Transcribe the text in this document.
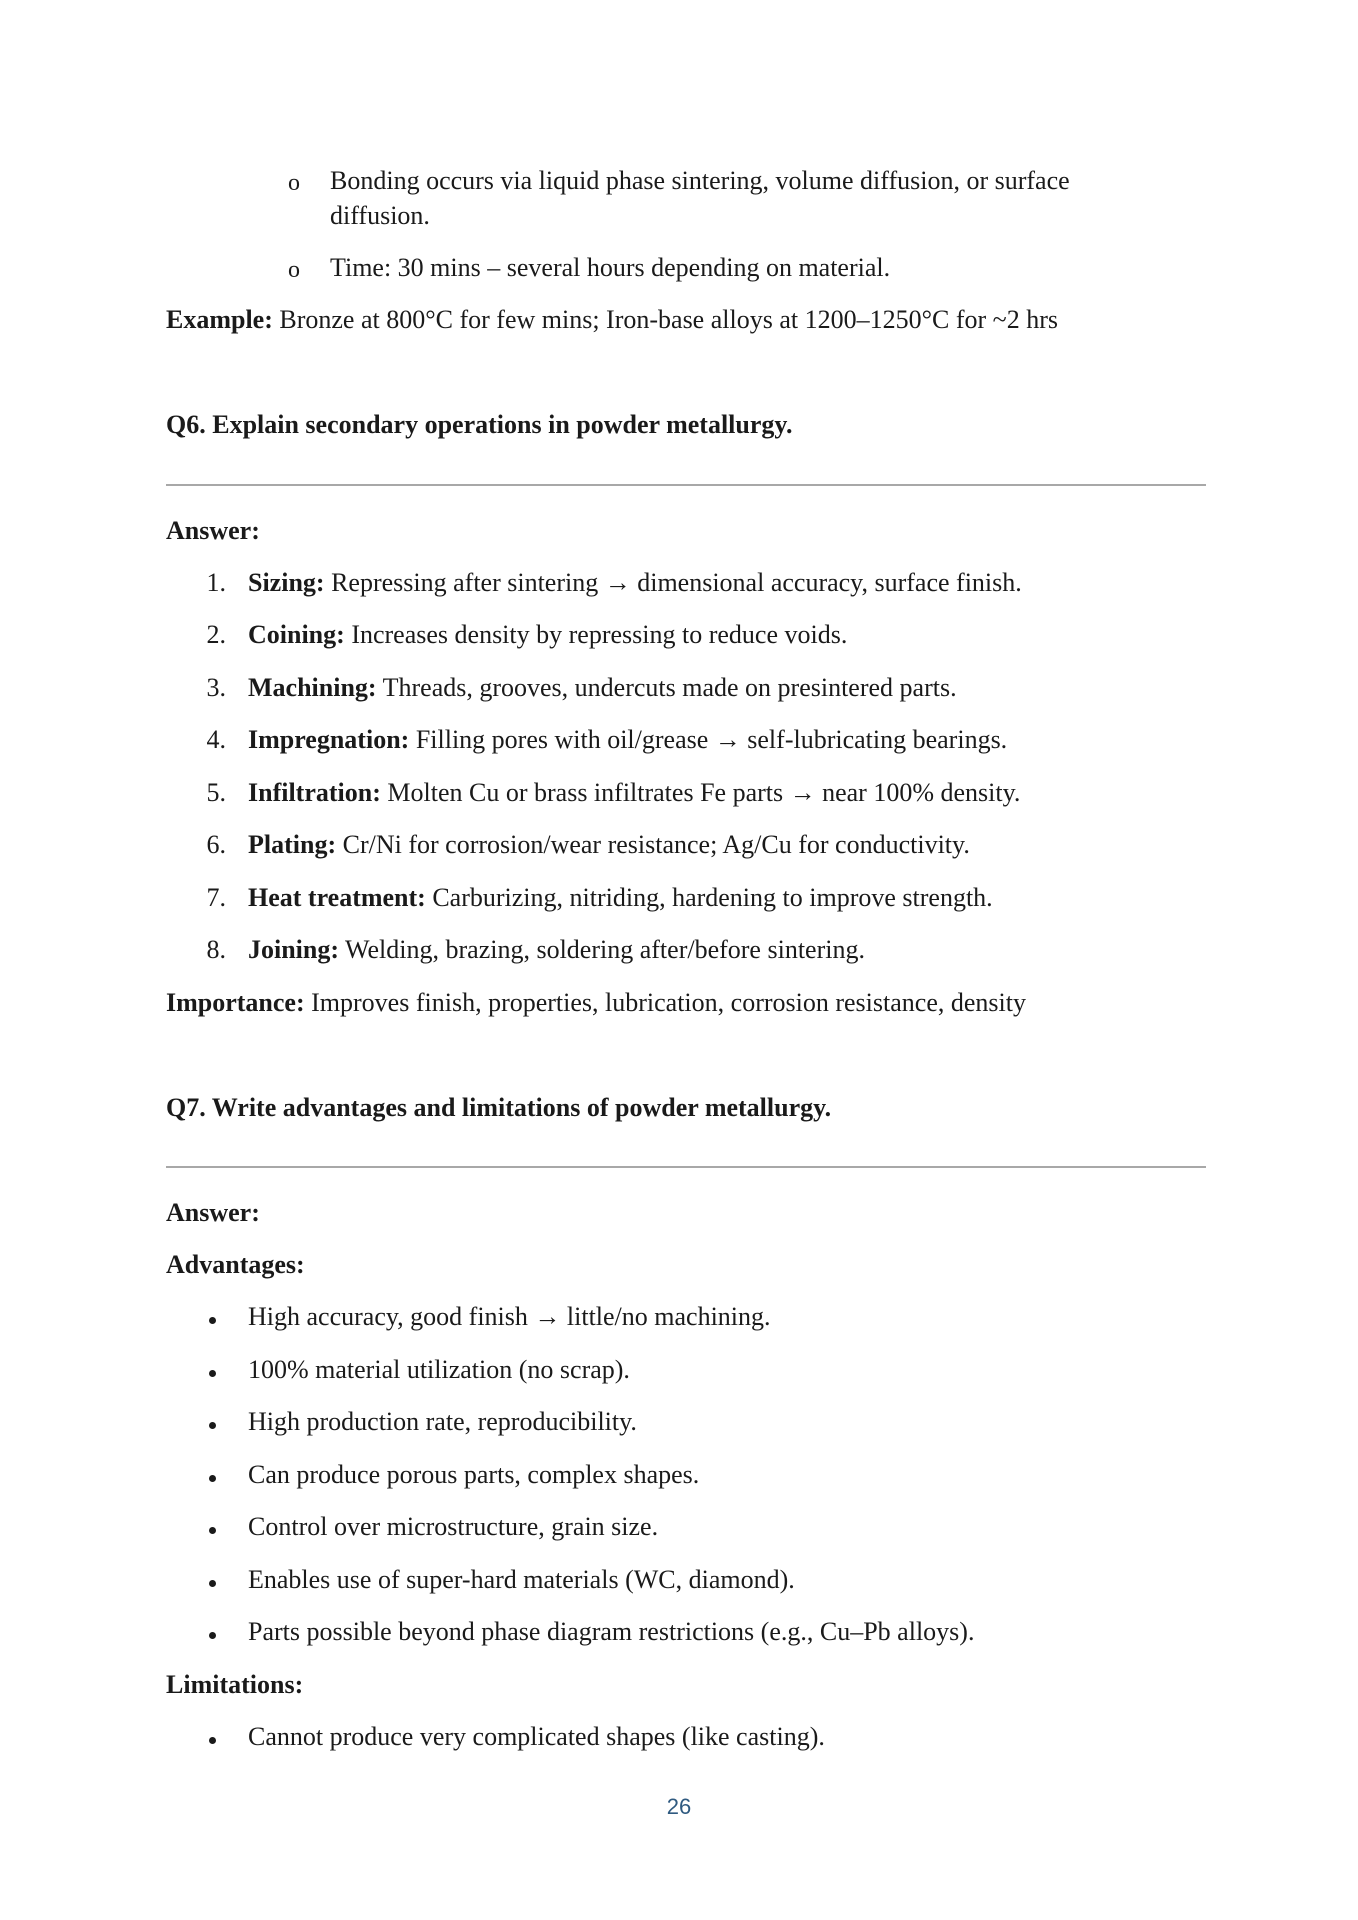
o Bonding occurs via liquid phase sintering, volume diffusion, or surface
diffusion.
o Time: 30 mins – several hours depending on material.
Example: Bronze at 800°C for few mins; Iron-base alloys at 1200–1250°C for ~2 hrs
Q6. Explain secondary operations in powder metallurgy.
Answer:
1. Sizing: Repressing after sintering → dimensional accuracy, surface finish.
2. Coining: Increases density by repressing to reduce voids.
3. Machining: Threads, grooves, undercuts made on presintered parts.
4. Impregnation: Filling pores with oil/grease → self-lubricating bearings.
5. Infiltration: Molten Cu or brass infiltrates Fe parts → near 100% density.
6. Plating: Cr/Ni for corrosion/wear resistance; Ag/Cu for conductivity.
7. Heat treatment: Carburizing, nitriding, hardening to improve strength.
8. Joining: Welding, brazing, soldering after/before sintering.
Importance: Improves finish, properties, lubrication, corrosion resistance, density
Q7. Write advantages and limitations of powder metallurgy.
Answer:
Advantages:
High accuracy, good finish → little/no machining.
100% material utilization (no scrap).
High production rate, reproducibility.
Can produce porous parts, complex shapes.
Control over microstructure, grain size.
Enables use of super-hard materials (WC, diamond).
Parts possible beyond phase diagram restrictions (e.g., Cu–Pb alloys).
Limitations:
Cannot produce very complicated shapes (like casting).
26
